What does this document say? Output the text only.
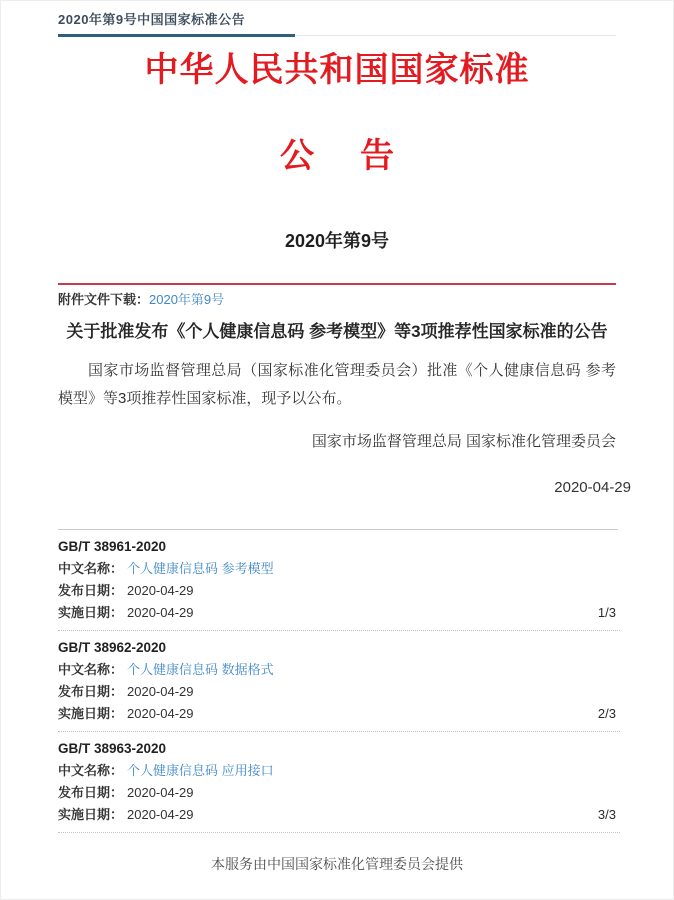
2020年第9号中国国家标准公告
中华人民共和国国家标准
公 告
2020年第9号
附件文件下载：2020年第9号
关于批准发布《个人健康信息码 参考模型》等3项推荐性国家标准的公告
国家市场监督管理总局（国家标准化管理委员会）批准《个人健康信息码 参考模型》等3项推荐性国家标准，现予以公布。
国家市场监督管理总局 国家标准化管理委员会
2020-04-29
GB/T 38961-2020
中文名称： 个人健康信息码 参考模型
发布日期： 2020-04-29
实施日期： 2020-04-29	1/3
GB/T 38962-2020
中文名称： 个人健康信息码 数据格式
发布日期： 2020-04-29
实施日期： 2020-04-29	2/3
GB/T 38963-2020
中文名称： 个人健康信息码 应用接口
发布日期： 2020-04-29
实施日期： 2020-04-29	3/3
本服务由中国国家标准化管理委员会提供
